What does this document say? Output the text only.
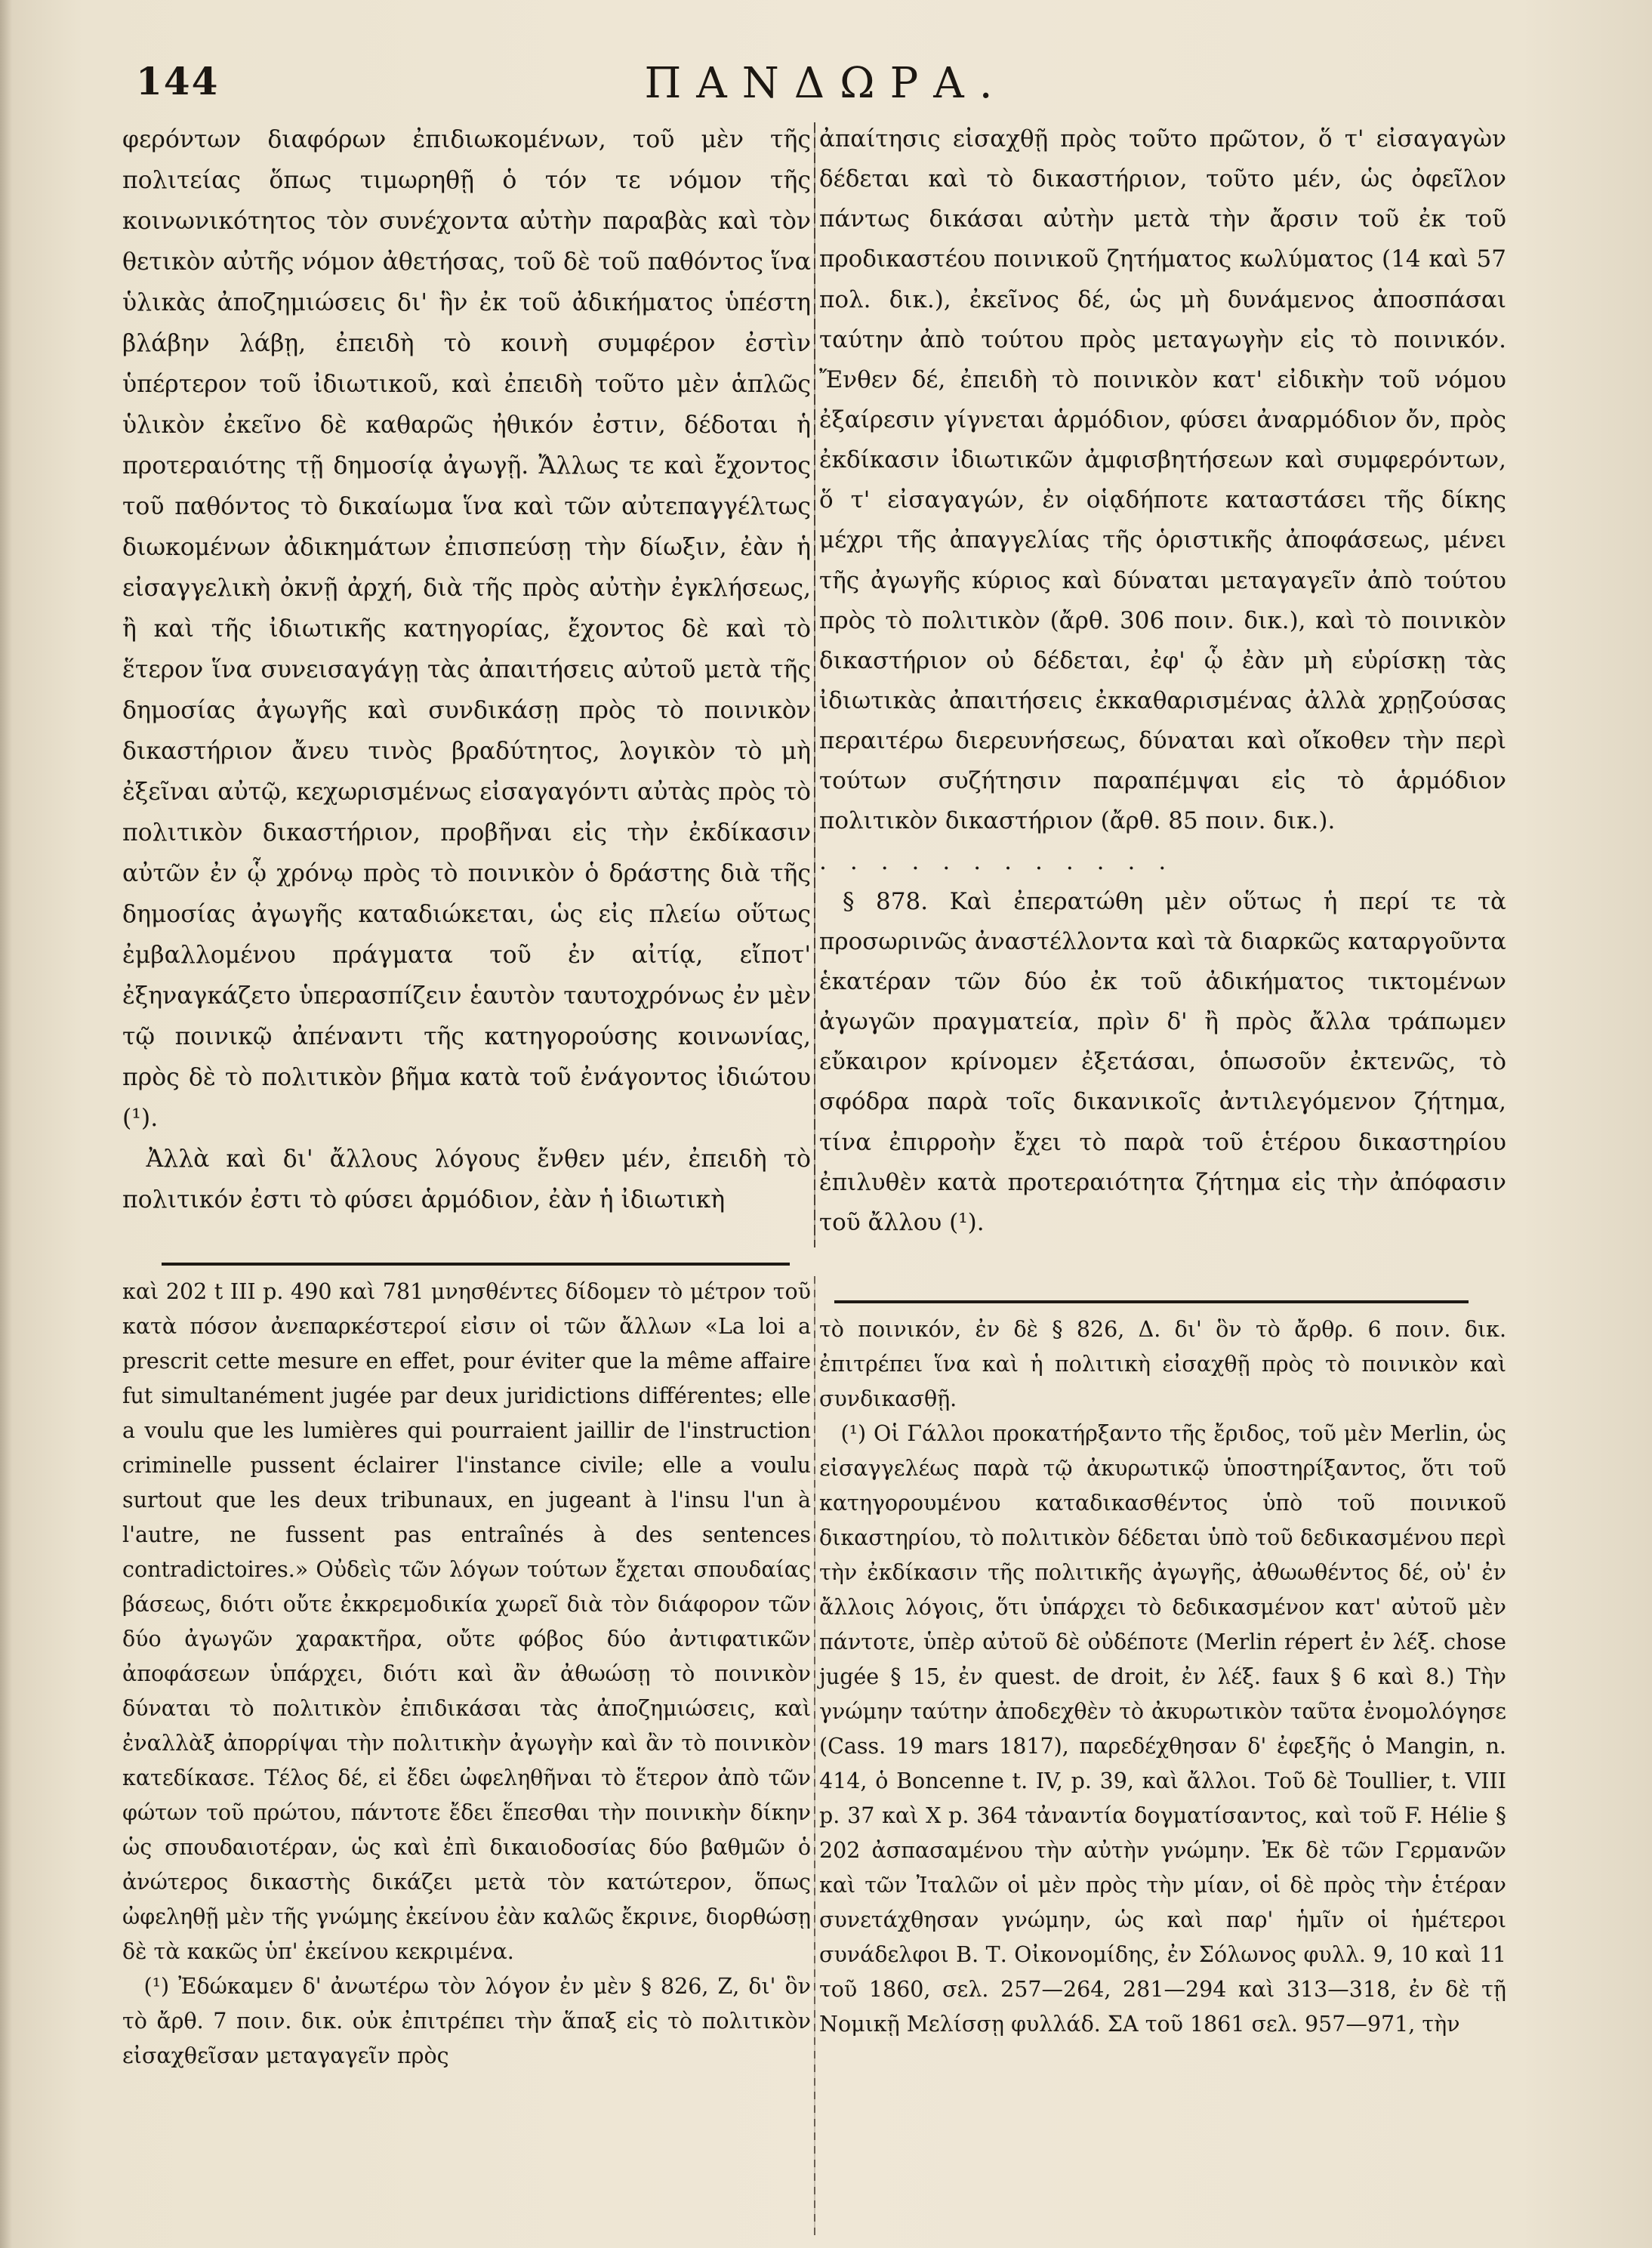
144	ΠΑΝΔΩΡΑ.
φερόντων διαφόρων ἐπιδιωκομένων, τοῦ μὲν τῆς πολιτείας ὅπως τιμωρηθῇ ὁ τόν τε νόμον τῆς κοινωνικότητος τὸν συνέχοντα αὐτὴν παραβὰς καὶ τὸν θετικὸν αὐτῆς νόμον ἀθετήσας, τοῦ δὲ τοῦ παθόντος ἵνα ὑλικὰς ἀποζημιώσεις δι' ἣν ἐκ τοῦ ἀδικήματος ὑπέστη βλάβην λάβῃ, ἐπειδὴ τὸ κοινὴ συμφέρον ἐστὶν ὑπέρτερον τοῦ ἰδιωτικοῦ, καὶ ἐπειδὴ τοῦτο μὲν ἁπλῶς ὑλικὸν ἐκεῖνο δὲ καθαρῶς ἠθικόν ἐστιν, δέδοται ἡ προτεραιότης τῇ δημοσίᾳ ἀγωγῇ. Ἄλλως τε καὶ ἔχοντος τοῦ παθόντος τὸ δικαίωμα ἵνα καὶ τῶν αὐτεπαγγέλτως διωκομένων ἀδικημάτων ἐπισπεύσῃ τὴν δίωξιν, ἐὰν ἡ εἰσαγγελικὴ ὀκνῇ ἀρχή, διὰ τῆς πρὸς αὐτὴν ἐγκλήσεως, ἢ καὶ τῆς ἰδιωτικῆς κατηγορίας, ἔχοντος δὲ καὶ τὸ ἕτερον ἵνα συνεισαγάγῃ τὰς ἀπαιτήσεις αὐτοῦ μετὰ τῆς δημοσίας ἀγωγῆς καὶ συνδικάσῃ πρὸς τὸ ποινικὸν δικαστήριον ἄνευ τινὸς βραδύτητος, λογικὸν τὸ μὴ ἐξεῖναι αὐτῷ, κεχωρισμένως εἰσαγαγόντι αὐτὰς πρὸς τὸ πολιτικὸν δικαστήριον, προβῆναι εἰς τὴν ἐκδίκασιν αὐτῶν ἐν ᾧ χρόνῳ πρὸς τὸ ποινικὸν ὁ δράστης διὰ τῆς δημοσίας ἀγωγῆς καταδιώκεται, ὡς εἰς πλείω οὕτως ἐμβαλλομένου πράγματα τοῦ ἐν αἰτίᾳ, εἴποτ' ἐξηναγκάζετο ὑπερασπίζειν ἑαυτὸν ταυτοχρόνως ἐν μὲν τῷ ποινικῷ ἀπέναντι τῆς κατηγορούσης κοινωνίας, πρὸς δὲ τὸ πολιτικὸν βῆμα κατὰ τοῦ ἐνάγοντος ἰδιώτου (¹).
 Ἀλλὰ καὶ δι' ἄλλους λόγους ἔνθεν μέν, ἐπειδὴ τὸ πολιτικόν ἐστι τὸ φύσει ἁρμόδιον, ἐὰν ἡ ἰδιωτικὴ
ἀπαίτησις εἰσαχθῇ πρὸς τοῦτο πρῶτον, ὅ τ' εἰσαγαγὼν δέδεται καὶ τὸ δικαστήριον, τοῦτο μέν, ὡς ὀφεῖλον πάντως δικάσαι αὐτὴν μετὰ τὴν ἄρσιν τοῦ ἐκ τοῦ προδικαστέου ποινικοῦ ζητήματος κωλύματος (14 καὶ 57 πολ. δικ.), ἐκεῖνος δέ, ὡς μὴ δυνάμενος ἀποσπάσαι ταύτην ἀπὸ τούτου πρὸς μεταγωγὴν εἰς τὸ ποινικόν. Ἔνθεν δέ, ἐπειδὴ τὸ ποινικὸν κατ' εἰδικὴν τοῦ νόμου ἐξαίρεσιν γίγνεται ἁρμόδιον, φύσει ἀναρμόδιον ὄν, πρὸς ἐκδίκασιν ἰδιωτικῶν ἀμφισβητήσεων καὶ συμφερόντων, ὅ τ' εἰσαγαγών, ἐν οἱᾳδήποτε καταστάσει τῆς δίκης μέχρι τῆς ἀπαγγελίας τῆς ὁριστικῆς ἀποφάσεως, μένει τῆς ἀγωγῆς κύριος καὶ δύναται μεταγαγεῖν ἀπὸ τούτου πρὸς τὸ πολιτικὸν (ἄρθ. 306 ποιν. δικ.), καὶ τὸ ποινικὸν δικαστήριον οὐ δέδεται, ἐφ' ᾧ ἐὰν μὴ εὑρίσκῃ τὰς ἰδιωτικὰς ἀπαιτήσεις ἐκκαθαρισμένας ἀλλὰ χρῃζούσας περαιτέρω διερευνήσεως, δύναται καὶ οἴκοθεν τὴν περὶ τούτων συζήτησιν παραπέμψαι εἰς τὸ ἁρμόδιον πολιτικὸν δικαστήριον (ἄρθ. 85 ποιν. δικ.).
. . . . . . . . . . . .
 § 878. Καὶ ἐπερατώθη μὲν οὕτως ἡ περί τε τὰ προσωρινῶς ἀναστέλλοντα καὶ τὰ διαρκῶς καταργοῦντα ἑκατέραν τῶν δύο ἐκ τοῦ ἀδικήματος τικτομένων ἀγωγῶν πραγματεία, πρὶν δ' ἢ πρὸς ἄλλα τράπωμεν εὔκαιρον κρίνομεν ἐξετάσαι, ὁπωσοῦν ἐκτενῶς, τὸ σφόδρα παρὰ τοῖς δικανικοῖς ἀντιλεγόμενον ζήτημα, τίνα ἐπιρροὴν ἔχει τὸ παρὰ τοῦ ἑτέρου δικαστηρίου ἐπιλυθὲν κατὰ προτεραιότητα ζήτημα εἰς τὴν ἀπόφασιν τοῦ ἄλλου (¹).
καὶ 202 t III p. 490 καὶ 781 μνησθέντες δίδομεν τὸ μέτρον τοῦ κατὰ πόσον ἀνεπαρκέστεροί εἰσιν οἱ τῶν ἄλλων «La loi a prescrit cette mesure en effet, pour éviter que la même affaire fut simultanément jugée par deux juridictions différentes; elle a voulu que les lumières qui pourraient jaillir de l'instruction criminelle pussent éclairer l'instance civile; elle a voulu surtout que les deux tribunaux, en jugeant à l'insu l'un à l'autre, ne fussent pas entraînés à des sentences contradictoires.» Οὐδεὶς τῶν λόγων τούτων ἔχεται σπουδαίας βάσεως, διότι οὔτε ἐκκρεμοδικία χωρεῖ διὰ τὸν διάφορον τῶν δύο ἀγωγῶν χαρακτῆρα, οὔτε φόβος δύο ἀντιφατικῶν ἀποφάσεων ὑπάρχει, διότι καὶ ἂν ἀθωώσῃ τὸ ποινικὸν δύναται τὸ πολιτικὸν ἐπιδικάσαι τὰς ἀποζημιώσεις, καὶ ἐναλλὰξ ἀπορρίψαι τὴν πολιτικὴν ἀγωγὴν καὶ ἂν τὸ ποινικὸν κατεδίκασε. Τέλος δέ, εἰ ἔδει ὠφεληθῆναι τὸ ἕτερον ἀπὸ τῶν φώτων τοῦ πρώτου, πάντοτε ἔδει ἕπεσθαι τὴν ποινικὴν δίκην ὡς σπουδαιοτέραν, ὡς καὶ ἐπὶ δικαιοδοσίας δύο βαθμῶν ὁ ἀνώτερος δικαστὴς δικάζει μετὰ τὸν κατώτερον, ὅπως ὠφεληθῇ μὲν τῆς γνώμης ἐκείνου ἐὰν καλῶς ἔκρινε, διορθώσῃ δὲ τὰ κακῶς ὑπ' ἐκείνου κεκριμένα.
 (¹) Ἐδώκαμεν δ' ἀνωτέρω τὸν λόγον ἐν μὲν § 826, Ζ, δι' ὃν τὸ ἄρθ. 7 ποιν. δικ. οὐκ ἐπιτρέπει τὴν ἅπαξ εἰς τὸ πολιτικὸν εἰσαχθεῖσαν μεταγαγεῖν πρὸς
τὸ ποινικόν, ἐν δὲ § 826, Δ. δι' ὃν τὸ ἄρθρ. 6 ποιν. δικ. ἐπιτρέπει ἵνα καὶ ἡ πολιτικὴ εἰσαχθῇ πρὸς τὸ ποινικὸν καὶ συνδικασθῇ.
 (¹) Οἱ Γάλλοι προκατήρξαντο τῆς ἔριδος, τοῦ μὲν Merlin, ὡς εἰσαγγελέως παρὰ τῷ ἀκυρωτικῷ ὑποστηρίξαντος, ὅτι τοῦ κατηγορουμένου καταδικασθέντος ὑπὸ τοῦ ποινικοῦ δικαστηρίου, τὸ πολιτικὸν δέδεται ὑπὸ τοῦ δεδικασμένου περὶ τὴν ἐκδίκασιν τῆς πολιτικῆς ἀγωγῆς, ἀθωωθέντος δέ, οὐ' ἐν ἄλλοις λόγοις, ὅτι ὑπάρχει τὸ δεδικασμένον κατ' αὐτοῦ μὲν πάντοτε, ὑπὲρ αὐτοῦ δὲ οὐδέποτε (Merlin répert ἐν λέξ. chose jugée § 15, ἐν quest. de droit, ἐν λέξ. faux § 6 καὶ 8.) Τὴν γνώμην ταύτην ἀποδεχθὲν τὸ ἀκυρωτικὸν ταῦτα ἐνομολόγησε (Cass. 19 mars 1817), παρεδέχθησαν δ' ἐφεξῆς ὁ Mangin, n. 414, ὁ Boncenne t. IV, p. 39, καὶ ἄλλοι. Τοῦ δὲ Toullier, t. VIII p. 37 καὶ X p. 364 τἀναντία δογματίσαντος, καὶ τοῦ F. Hélie § 202 ἀσπασαμένου τὴν αὐτὴν γνώμην. Ἐκ δὲ τῶν Γερμανῶν καὶ τῶν Ἰταλῶν οἱ μὲν πρὸς τὴν μίαν, οἱ δὲ πρὸς τὴν ἑτέραν συνετάχθησαν γνώμην, ὡς καὶ παρ' ἡμῖν οἱ ἡμέτεροι συνάδελφοι Β. Τ. Οἰκονομίδης, ἐν Σόλωνος φυλλ. 9, 10 καὶ 11 τοῦ 1860, σελ. 257—264, 281—294 καὶ 313—318, ἐν δὲ τῇ Νομικῇ Μελίσσῃ φυλλάδ. ΣΑ τοῦ 1861 σελ. 957—971, τὴν
